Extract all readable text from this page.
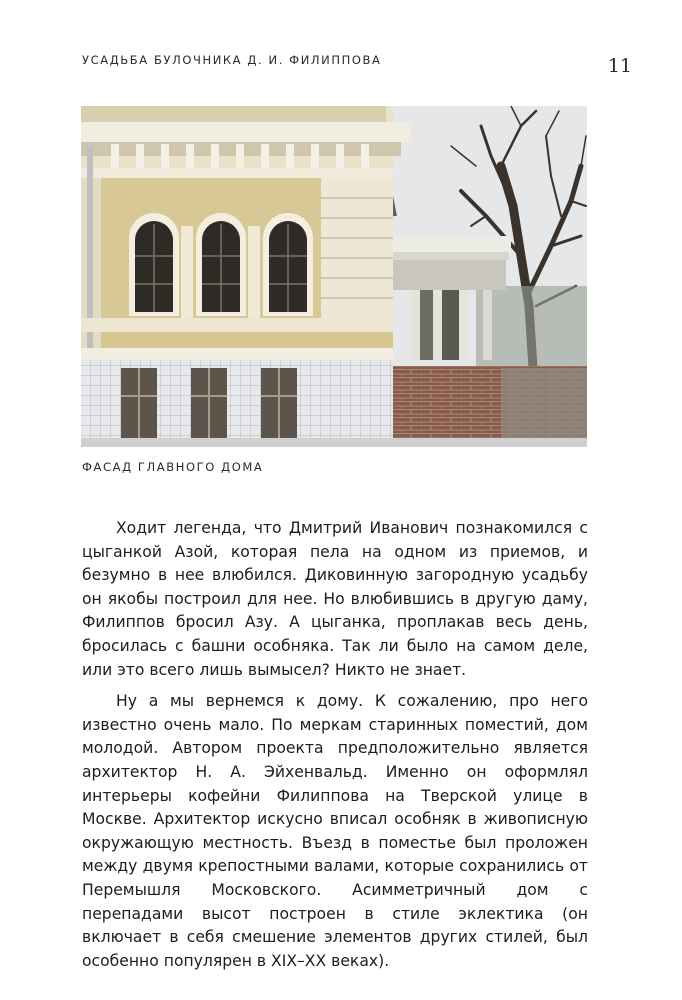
УСАДЬБА БУЛОЧНИКА Д. И. ФИЛИППОВА	11
ФАСАД ГЛАВНОГО ДОМА

Ходит легенда, что Дмитрий Иванович познакомился с цыганкой Азой, которая пела на одном из приемов, и безумно в нее влюбился. Диковинную загородную усадьбу он якобы построил для нее. Но влюбившись в другую даму, Филиппов бросил Азу. А цыганка, проплакав весь день, бросилась с башни особняка. Так ли было на самом деле, или это всего лишь вымысел? Никто не знает.

Ну а мы вернемся к дому. К сожалению, про него известно очень мало. По меркам старинных поместий, дом молодой. Автором проекта предположительно является архитектор Н. А. Эйхенвальд. Именно он оформлял интерьеры кофейни Филиппова на Тверской улице в Москве. Архитектор искусно вписал особняк в живописную окружающую местность. Въезд в поместье был проложен между двумя крепостными валами, которые сохранились от Перемышля Московского. Асимметричный дом с перепадами высот построен в стиле эклектика (он включает в себя смешение элементов других стилей, был особенно популярен в XIX–XX веках).
